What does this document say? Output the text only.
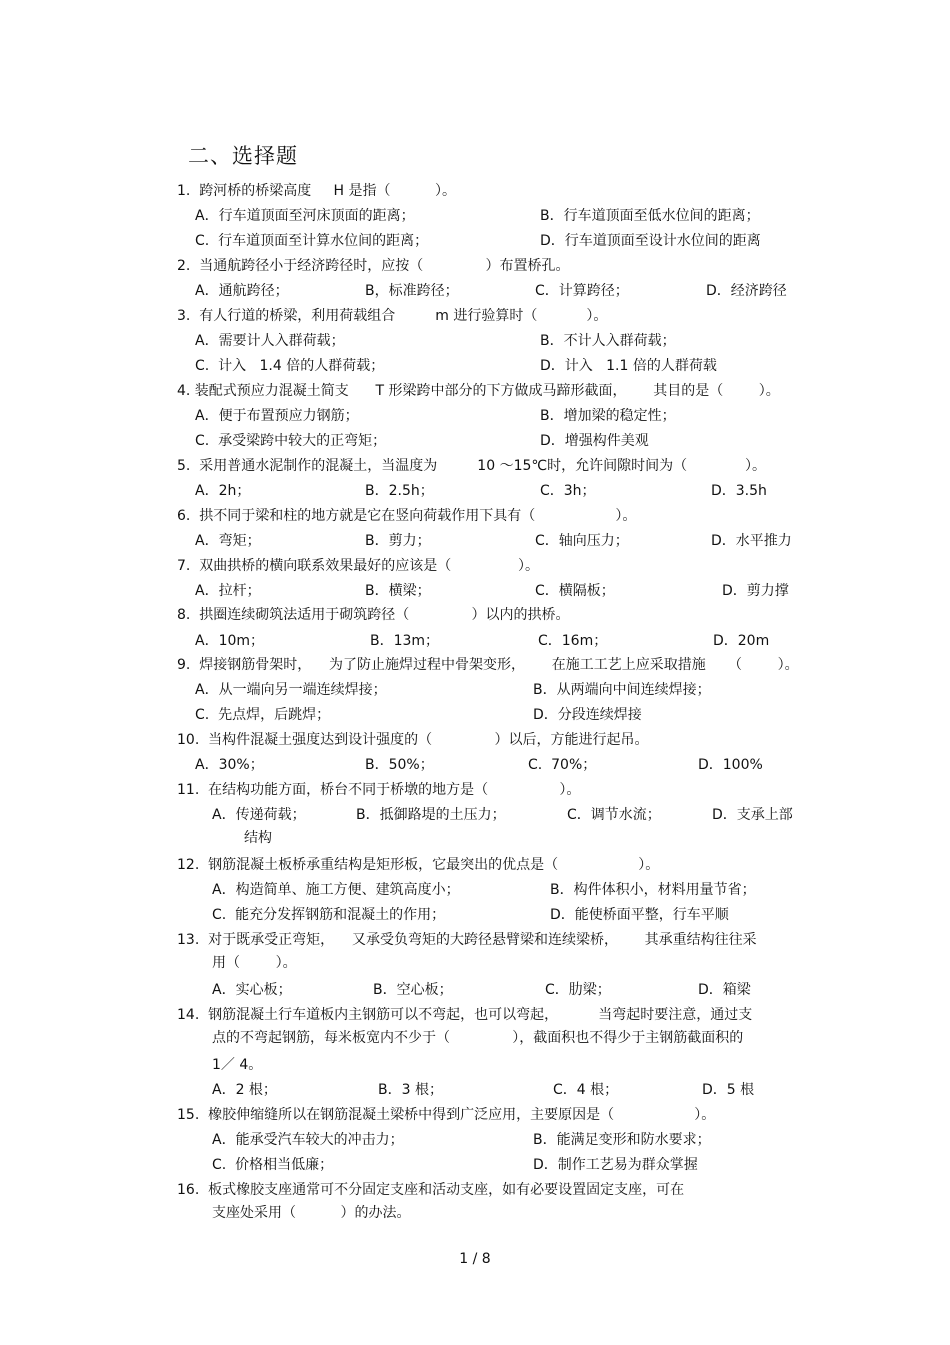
二、选择题
1.  跨河桥的桥梁高度     H 是指（          ）。
A．行车道顶面至河床顶面的距离；	B．行车道顶面至低水位间的距离；
C.  行车道顶面至计算水位间的距离；	D．行车道顶面至设计水位间的距离
2.  当通航跨径小于经济跨径时，应按（              ）布置桥孔。
A．通航跨径；	B，标准跨径；	C．计算跨径；	D．经济跨径
3.  有人行道的桥梁，利用荷载组合         m 进行验算时（           ）。
A．需要计人入群荷载；	B．不计人入群荷载；
C.  计入   1.4 倍的人群荷载；	D．计入   1.1 倍的人群荷载
4. 装配式预应力混凝土简支      T 形梁跨中部分的下方做成马蹄形截面，      其目的是（        ）。
A．便于布置预应力钢筋；	B．增加梁的稳定性；
C.  承受梁跨中较大的正弯矩；	D．增强构件美观
5.  采用普通水泥制作的混凝土，当温度为         10 ～15℃时，允许间隙时间为（             ）。
A．2h；	B．2.5h；	C．3h；	D．3.5h
6.  拱不同于梁和柱的地方就是它在竖向荷载作用下具有（                  ）。
A．弯矩；	B．剪力；	C．轴向压力；	D．水平推力
7.  双曲拱桥的横向联系效果最好的应该是（               ）。
A．拉杆；	B．横梁；	C．横隔板；	D．剪力撑
8.  拱圈连续砌筑法适用于砌筑跨径（              ）以内的拱桥。
A．10m；	B．13m；	C．16m；	D．20m
9.  焊接钢筋骨架时，    为了防止施焊过程中骨架变形，      在施工工艺上应采取措施     （        ）。
A．从一端向另一端连续焊接；	B．从两端向中间连续焊接；
C.  先点焊，后跳焊；	D．分段连续焊接
10.  当构件混凝土强度达到设计强度的（              ）以后，方能进行起吊。
A．30%；	B．50%；	C.  70%；	D．100%
11.  在结构功能方面，桥台不同于桥墩的地方是（                ）。
A．传递荷载；	B．抵御路堤的土压力；	C．调节水流；	D．支承上部
结构
12.  钢筋混凝土板桥承重结构是矩形板，它最突出的优点是（                  ）。
A．构造简单、施工方便、建筑高度小；	B．构件体积小，材料用量节省；
C.  能充分发挥钢筋和混凝土的作用；	D．能使桥面平整，行车平顺
13.  对于既承受正弯矩，    又承受负弯矩的大跨径悬臂梁和连续梁桥，      其承重结构往往采
用（        ）。
A．实心板；	B．空心板；	C．肋梁；	D．箱梁
14.  钢筋混凝土行车道板内主钢筋可以不弯起，也可以弯起，         当弯起时要注意，通过支
点的不弯起钢筋，每米板宽内不少于（              ），截面积也不得少于主钢筋截面积的
1／ 4。
A．2 根；	B．3 根；	C．4 根；	D．5 根
15.  橡胶伸缩缝所以在钢筋混凝土梁桥中得到广泛应用，主要原因是（                  ）。
A．能承受汽车较大的冲击力；	B．能满足变形和防水要求；
C.  价格相当低廉；	D．制作工艺易为群众掌握
16.  板式橡胶支座通常可不分固定支座和活动支座，如有必要设置固定支座，可在
支座处采用（          ）的办法。
1 / 8
